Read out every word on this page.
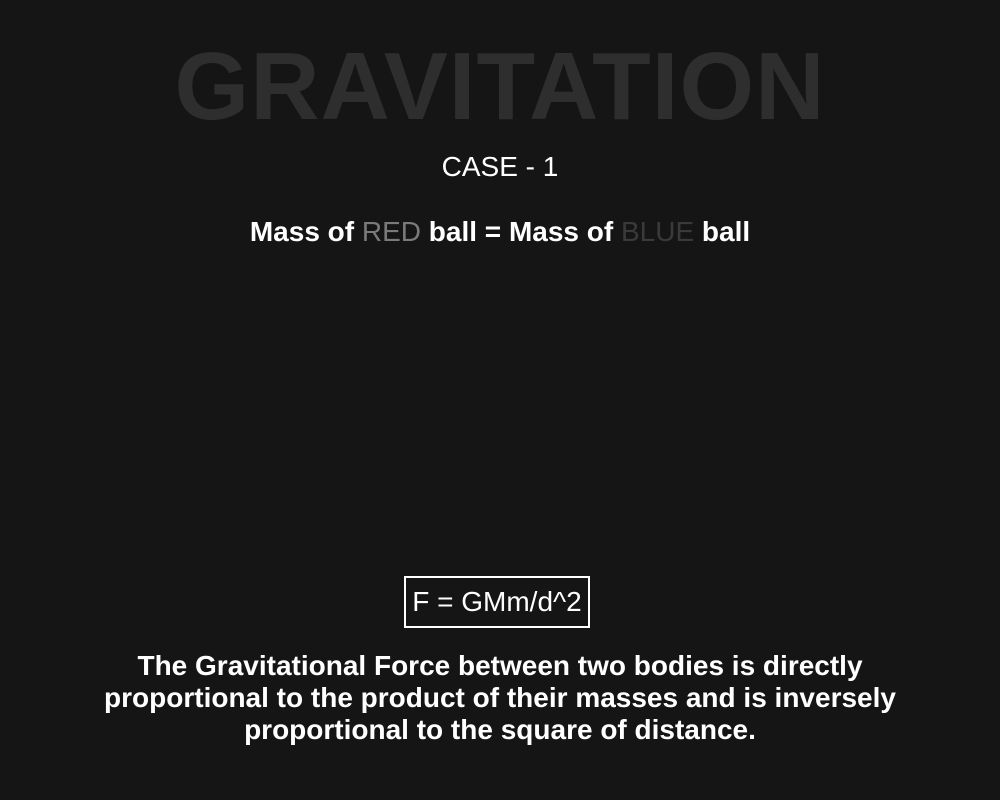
GRAVITATION
CASE - 1
Mass of RED ball = Mass of BLUE ball
F = GMm/d^2
The Gravitational Force between two bodies is directly
proportional to the product of their masses and is inversely
proportional to the square of distance.
